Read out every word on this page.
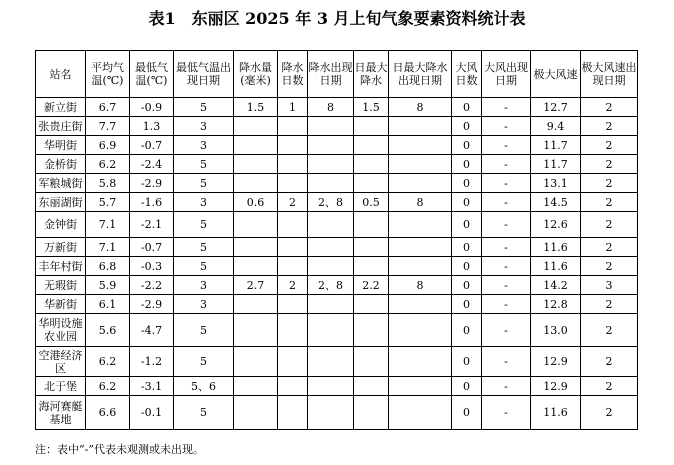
表1　东丽区 2025 年 3 月上旬气象要素资料统计表
站名	平均气温(℃)	最低气温(℃)	最低气温出现日期	降水量(毫米)	降水日数	降水出现日期	日最大降水	日最大降水出现日期	大风日数	大风出现日期	极大风速	极大风速出现日期
新立街	6.7	-0.9	5	1.5	1	8	1.5	8	0	-	12.7	2
张贵庄街	7.7	1.3	3						0	-	9.4	2
华明街	6.9	-0.7	3						0	-	11.7	2
金桥街	6.2	-2.4	5						0	-	11.7	2
军粮城街	5.8	-2.9	5						0	-	13.1	2
东丽湖街	5.7	-1.6	3	0.6	2	2、8	0.5	8	0	-	14.5	2
金钟街	7.1	-2.1	5						0	-	12.6	2
万新街	7.1	-0.7	5						0	-	11.6	2
丰年村街	6.8	-0.3	5						0	-	11.6	2
无瑕街	5.9	-2.2	3	2.7	2	2、8	2.2	8	0	-	14.2	3
华新街	6.1	-2.9	3						0	-	12.8	2
华明设施农业园	5.6	-4.7	5						0	-	13.0	2
空港经济区	6.2	-1.2	5						0	-	12.9	2
北于堡	6.2	-3.1	5、6						0	-	12.9	2
海河赛艇基地	6.6	-0.1	5						0	-	11.6	2
注：表中“-”代表未观测或未出现。
